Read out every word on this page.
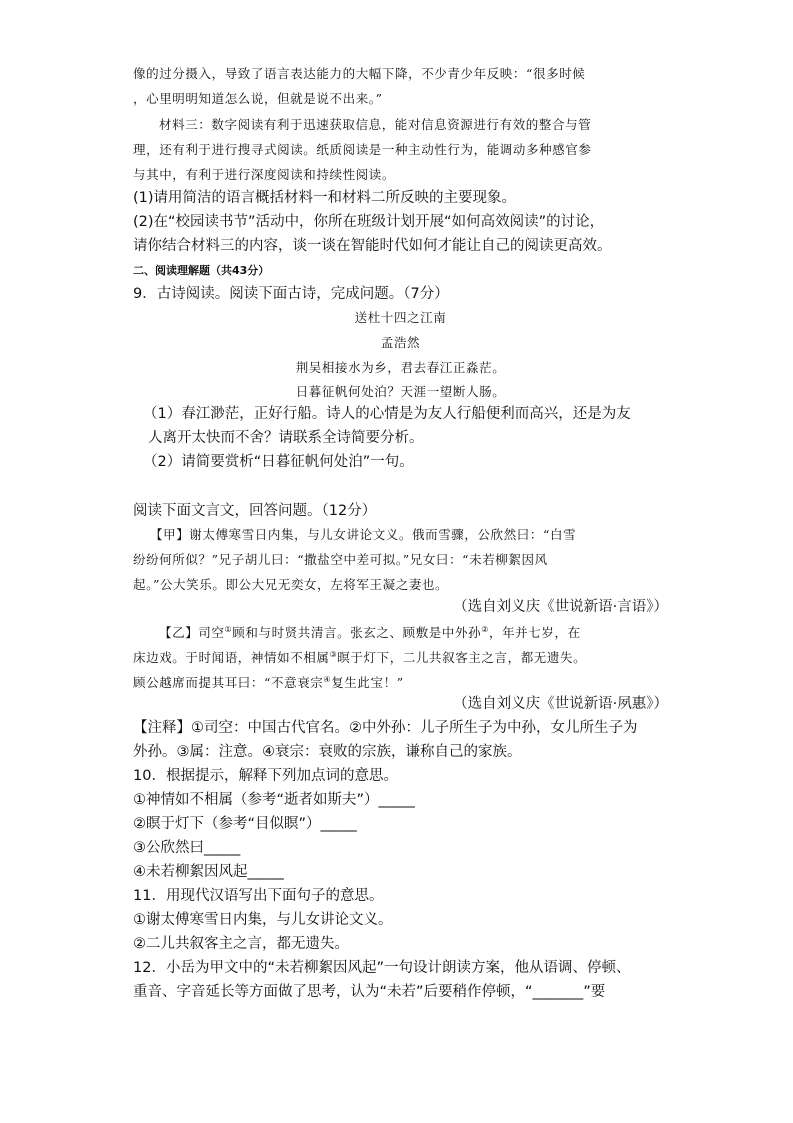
像的过分摄入，导致了语言表达能力的大幅下降，不少青少年反映：“很多时候
，心里明明知道怎么说，但就是说不出来。”
材料三：数字阅读有利于迅速获取信息，能对信息资源进行有效的整合与管
理，还有利于进行搜寻式阅读。纸质阅读是一种主动性行为，能调动多种感官参
与其中，有利于进行深度阅读和持续性阅读。
(1)请用简洁的语言概括材料一和材料二所反映的主要现象。
(2)在“校园读书节”活动中，你所在班级计划开展“如何高效阅读”的讨论，
请你结合材料三的内容，谈一谈在智能时代如何才能让自己的阅读更高效。
二、阅读理解题（共43分）
9．古诗阅读。阅读下面古诗，完成问题。（7分）
送杜十四之江南
孟浩然
荆吴相接水为乡，君去春江正淼茫。
日暮征帆何处泊？天涯一望断人肠。
（1）春江渺茫，正好行船。诗人的心情是为友人行船便利而高兴，还是为友
人离开太快而不舍？请联系全诗简要分析。
（2）请简要赏析“日暮征帆何处泊”一句。
阅读下面文言文，回答问题。（12分）
【甲】谢太傅寒雪日内集，与儿女讲论文义。俄而雪骤，公欣然曰：“白雪
纷纷何所似？”兄子胡儿曰：“撒盐空中差可拟。”兄女曰：“未若柳絮因风
起。”公大笑乐。即公大兄无奕女，左将军王凝之妻也。
（选自刘义庆《世说新语·言语》）
【乙】司空①顾和与时贤共清言。张玄之、顾敷是中外孙②，年并七岁，在
床边戏。于时闻语，神情如不相属③暝于灯下，二儿共叙客主之言，都无遗失。
顾公越席而提其耳曰：“不意衰宗④复生此宝！”
（选自刘义庆《世说新语·夙惠》）
【注释】①司空：中国古代官名。②中外孙：儿子所生子为中孙，女儿所生子为
外孙。③属：注意。④衰宗：衰败的宗族，谦称自己的家族。
10．根据提示，解释下列加点词的意思。
①神情如不相属（参考“逝者如斯夫”）_____
②瞑于灯下（参考“目似瞑”）_____
③公欣然曰_____
④未若柳絮因风起_____
11．用现代汉语写出下面句子的意思。
①谢太傅寒雪日内集，与儿女讲论文义。
②二儿共叙客主之言，都无遗失。
12．小岳为甲文中的“未若柳絮因风起”一句设计朗读方案，他从语调、停顿、
重音、字音延长等方面做了思考，认为“未若”后要稍作停顿，“_______”要
